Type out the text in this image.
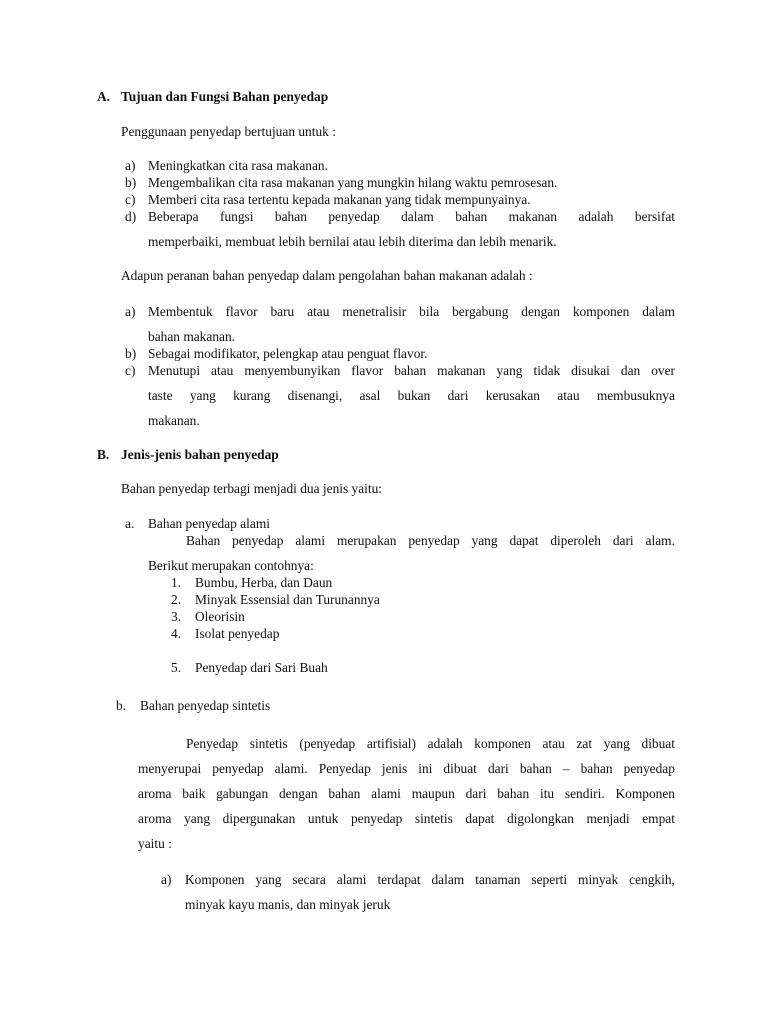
A. Tujuan dan Fungsi Bahan penyedap
Penggunaan penyedap bertujuan untuk :
a) Meningkatkan cita rasa makanan.
b) Mengembalikan cita rasa makanan yang mungkin hilang waktu pemrosesan.
c) Memberi cita rasa tertentu kepada makanan yang tidak mempunyainya.
d) Beberapa fungsi bahan penyedap dalam bahan makanan adalah bersifat
memperbaiki, membuat lebih bernilai atau lebih diterima dan lebih menarik.
Adapun peranan bahan penyedap dalam pengolahan bahan makanan adalah :
a) Membentuk flavor baru atau menetralisir bila bergabung dengan komponen dalam
bahan makanan.
b) Sebagai modifikator, pelengkap atau penguat flavor.
c) Menutupi atau menyembunyikan flavor bahan makanan yang tidak disukai dan over
taste yang kurang disenangi, asal bukan dari kerusakan atau membusuknya
makanan.
B. Jenis-jenis bahan penyedap
Bahan penyedap terbagi menjadi dua jenis yaitu:
a. Bahan penyedap alami
Bahan penyedap alami merupakan penyedap yang dapat diperoleh dari alam.
Berikut merupakan contohnya:
1. Bumbu, Herba, dan Daun
2. Minyak Essensial dan Turunannya
3. Oleorisin
4. Isolat penyedap
5. Penyedap dari Sari Buah
b. Bahan penyedap sintetis
Penyedap sintetis (penyedap artifisial) adalah komponen atau zat yang dibuat
menyerupai penyedap alami. Penyedap jenis ini dibuat dari bahan – bahan penyedap
aroma baik gabungan dengan bahan alami maupun dari bahan itu sendiri. Komponen
aroma yang dipergunakan untuk penyedap sintetis dapat digolongkan menjadi empat
yaitu :
a) Komponen yang secara alami terdapat dalam tanaman seperti minyak cengkih,
minyak kayu manis, dan minyak jeruk
